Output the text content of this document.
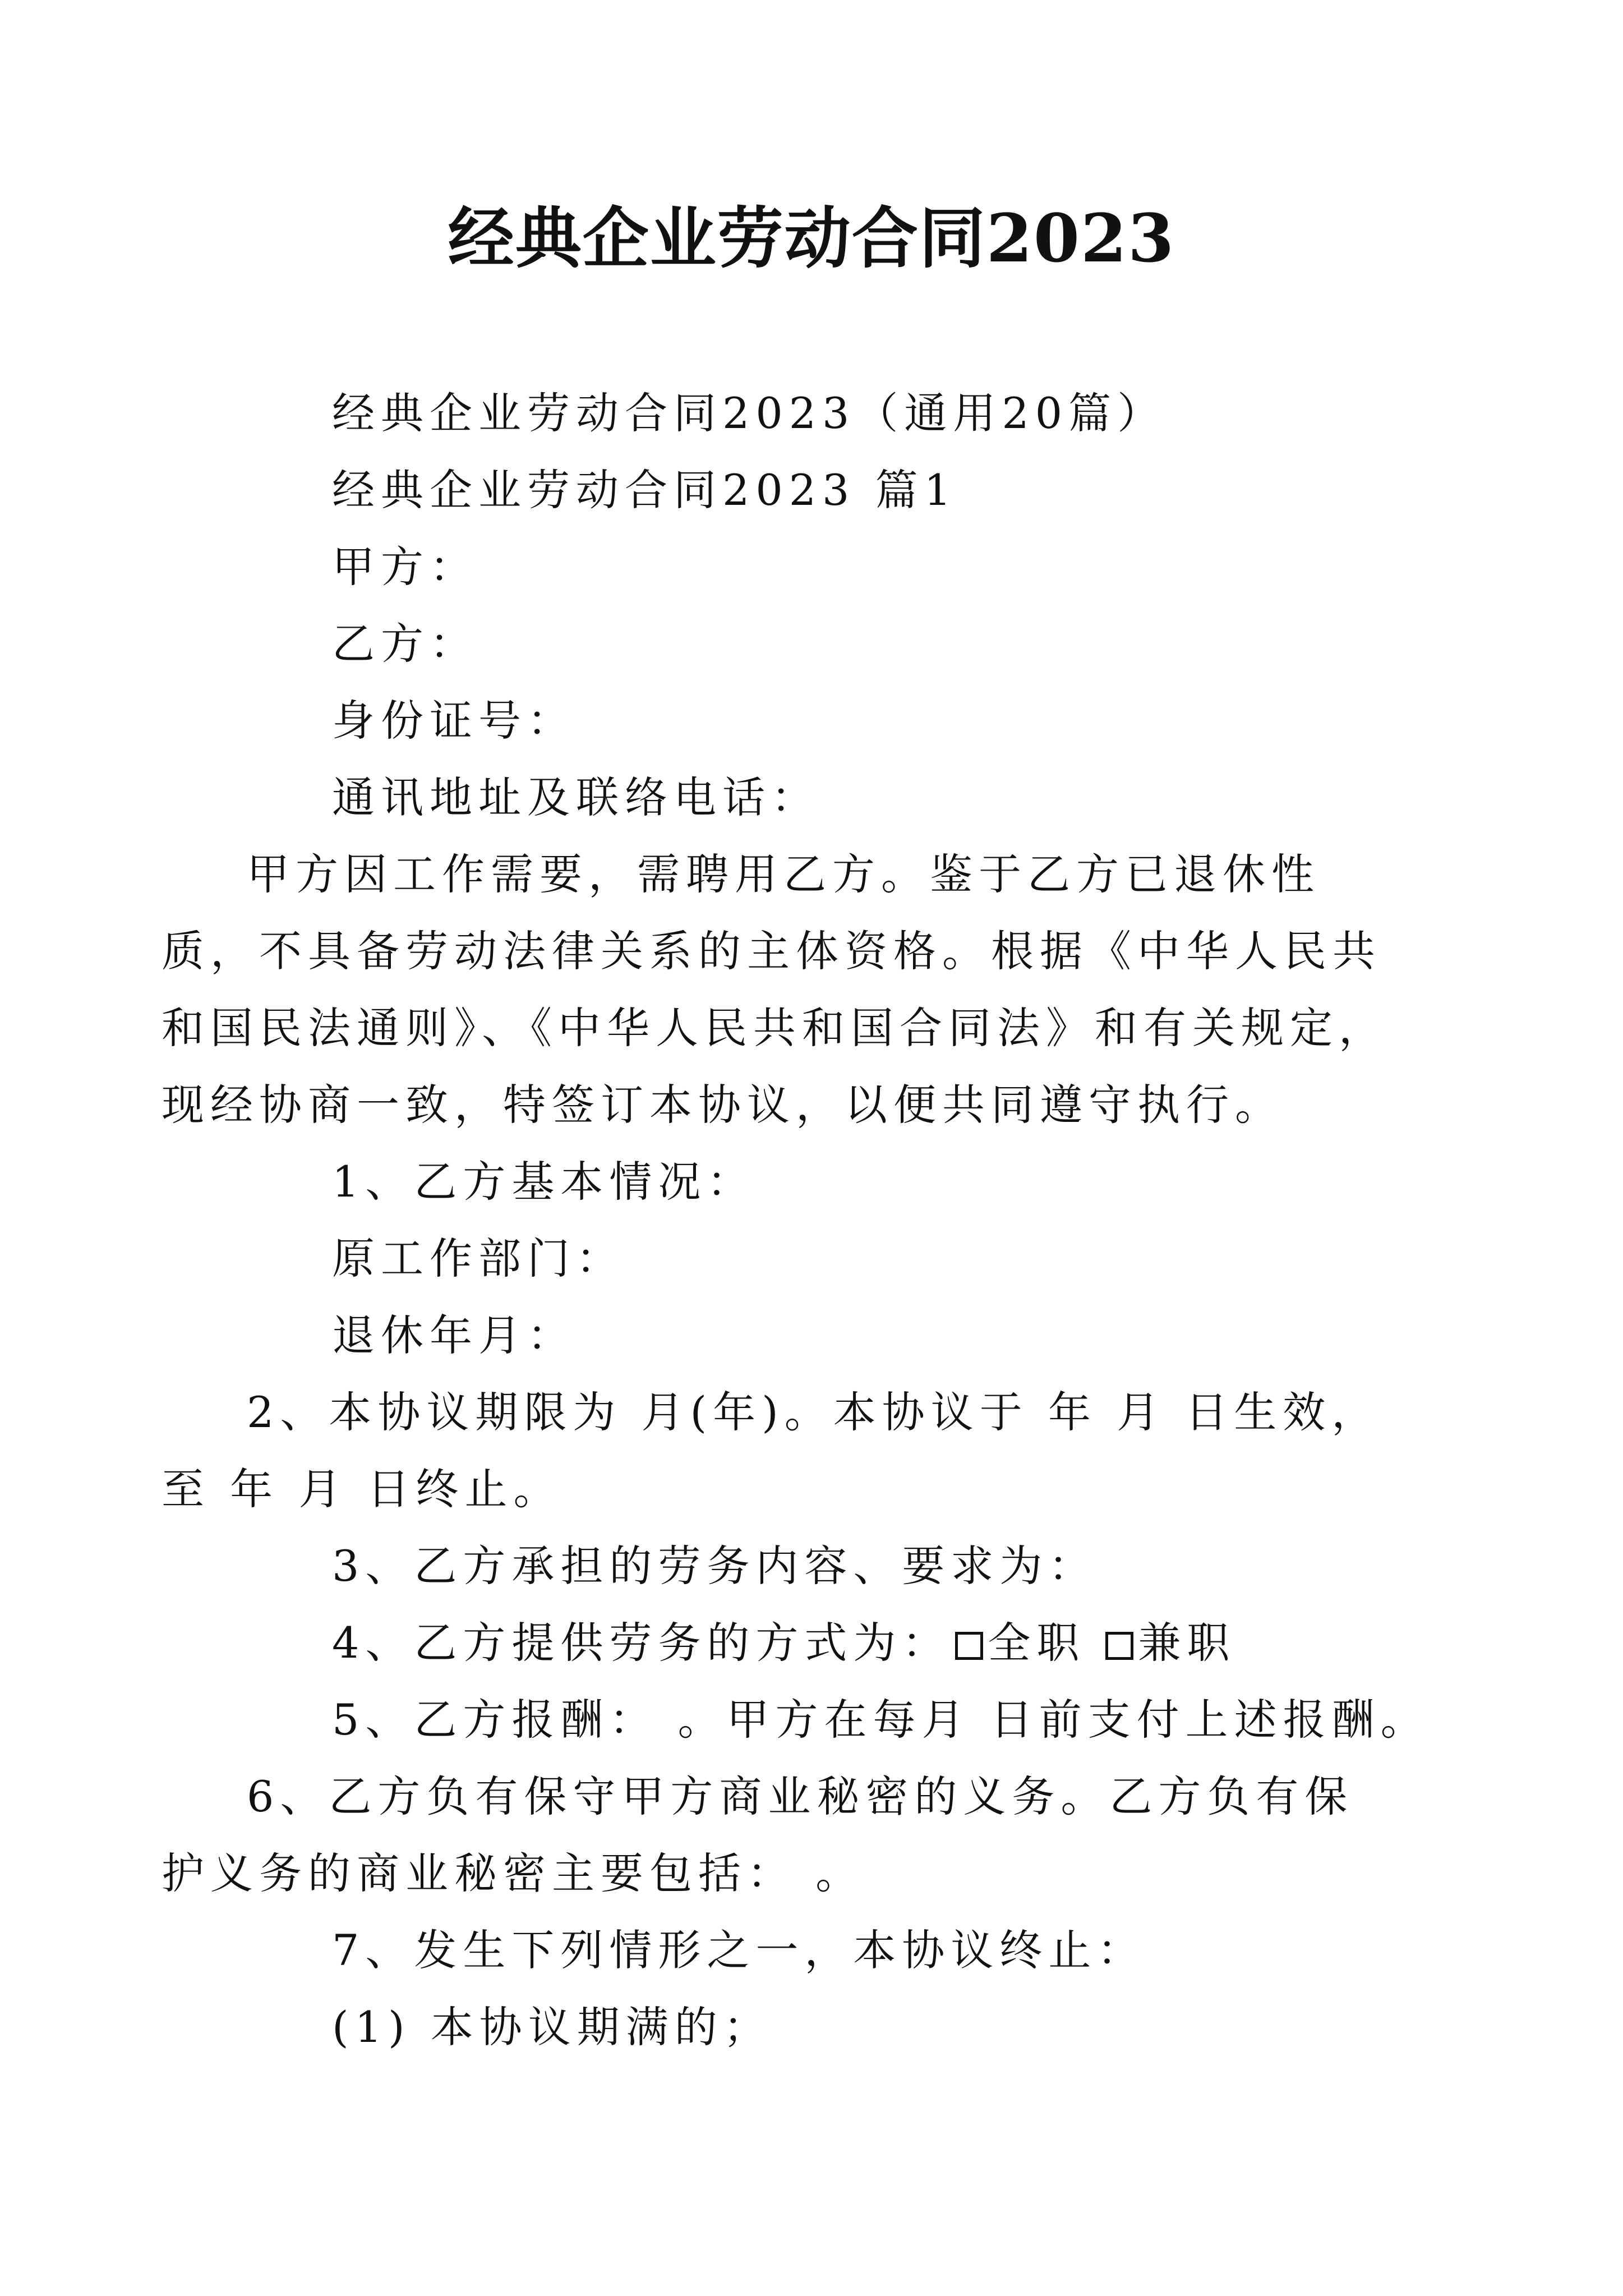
经典企业劳动合同2023

经典企业劳动合同2023（通用20篇）

经典企业劳动合同2023 篇1

甲方：

乙方：

身份证号：

通讯地址及联络电话：

甲方因工作需要，需聘用乙方。鉴于乙方已退休性质，不具备劳动法律关系的主体资格。根据《中华人民共和国民法通则》、《中华人民共和国合同法》和有关规定，现经协商一致，特签订本协议，以便共同遵守执行。

1、乙方基本情况：

原工作部门：

退休年月：

2、本协议期限为 月(年)。本协议于 年 月 日生效，至 年 月 日终止。

3、乙方承担的劳务内容、要求为：

4、乙方提供劳务的方式为： 全职 兼职

5、乙方报酬： 。甲方在每月 日前支付上述报酬。

6、乙方负有保守甲方商业秘密的义务。乙方负有保护义务的商业秘密主要包括： 。

7、发生下列情形之一，本协议终止：

(1) 本协议期满的；
